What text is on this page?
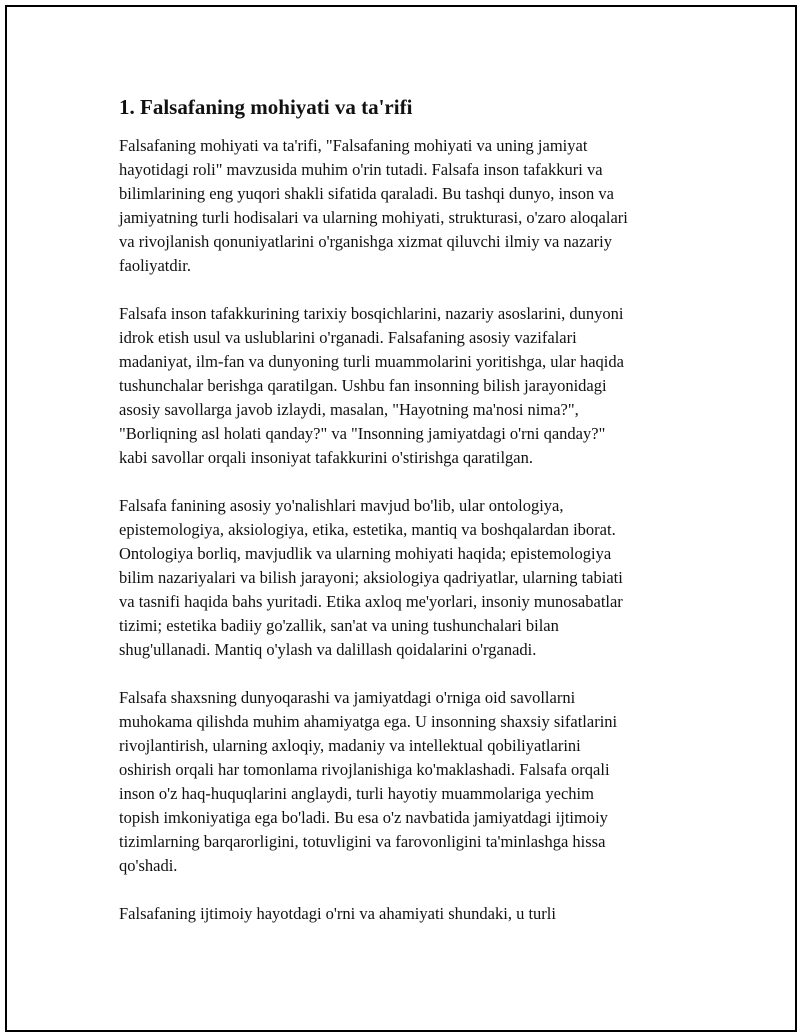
1. Falsafaning mohiyati va ta'rifi
Falsafaning mohiyati va ta'rifi, "Falsafaning mohiyati va uning jamiyat
hayotidagi roli" mavzusida muhim o'rin tutadi. Falsafa inson tafakkuri va
bilimlarining eng yuqori shakli sifatida qaraladi. Bu tashqi dunyo, inson va
jamiyatning turli hodisalari va ularning mohiyati, strukturasi, o'zaro aloqalari
va rivojlanish qonuniyatlarini o'rganishga xizmat qiluvchi ilmiy va nazariy
faoliyatdir.
Falsafa inson tafakkurining tarixiy bosqichlarini, nazariy asoslarini, dunyoni
idrok etish usul va uslublarini o'rganadi. Falsafaning asosiy vazifalari
madaniyat, ilm-fan va dunyoning turli muammolarini yoritishga, ular haqida
tushunchalar berishga qaratilgan. Ushbu fan insonning bilish jarayonidagi
asosiy savollarga javob izlaydi, masalan, "Hayotning ma'nosi nima?",
"Borliqning asl holati qanday?" va "Insonning jamiyatdagi o'rni qanday?"
kabi savollar orqali insoniyat tafakkurini o'stirishga qaratilgan.
Falsafa fanining asosiy yo'nalishlari mavjud bo'lib, ular ontologiya,
epistemologiya, aksiologiya, etika, estetika, mantiq va boshqalardan iborat.
Ontologiya borliq, mavjudlik va ularning mohiyati haqida; epistemologiya
bilim nazariyalari va bilish jarayoni; aksiologiya qadriyatlar, ularning tabiati
va tasnifi haqida bahs yuritadi. Etika axloq me'yorlari, insoniy munosabatlar
tizimi; estetika badiiy go'zallik, san'at va uning tushunchalari bilan
shug'ullanadi. Mantiq o'ylash va dalillash qoidalarini o'rganadi.
Falsafa shaxsning dunyoqarashi va jamiyatdagi o'rniga oid savollarni
muhokama qilishda muhim ahamiyatga ega. U insonning shaxsiy sifatlarini
rivojlantirish, ularning axloqiy, madaniy va intellektual qobiliyatlarini
oshirish orqali har tomonlama rivojlanishiga ko'maklashadi. Falsafa orqali
inson o'z haq-huquqlarini anglaydi, turli hayotiy muammolariga yechim
topish imkoniyatiga ega bo'ladi. Bu esa o'z navbatida jamiyatdagi ijtimoiy
tizimlarning barqarorligini, totuvligini va farovonligini ta'minlashga hissa
qo'shadi.
Falsafaning ijtimoiy hayotdagi o'rni va ahamiyati shundaki, u turli
